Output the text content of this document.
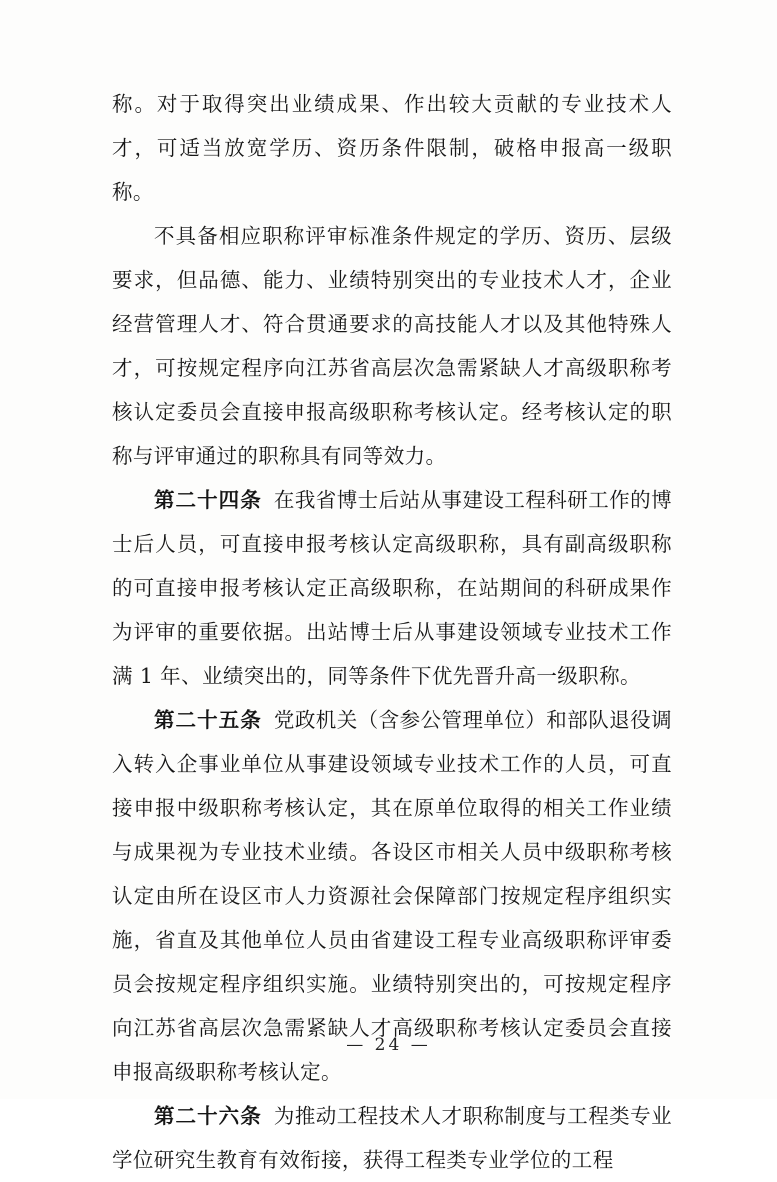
称。对于取得突出业绩成果、作出较大贡献的专业技术人才，可适当放宽学历、资历条件限制，破格申报高一级职称。

不具备相应职称评审标准条件规定的学历、资历、层级要求，但品德、能力、业绩特别突出的专业技术人才，企业经营管理人才、符合贯通要求的高技能人才以及其他特殊人才，可按规定程序向江苏省高层次急需紧缺人才高级职称考核认定委员会直接申报高级职称考核认定。经考核认定的职称与评审通过的职称具有同等效力。

第二十四条 在我省博士后站从事建设工程科研工作的博士后人员，可直接申报考核认定高级职称，具有副高级职称的可直接申报考核认定正高级职称，在站期间的科研成果作为评审的重要依据。出站博士后从事建设领域专业技术工作满 1 年、业绩突出的，同等条件下优先晋升高一级职称。

第二十五条 党政机关（含参公管理单位）和部队退役调入转入企事业单位从事建设领域专业技术工作的人员，可直接申报中级职称考核认定，其在原单位取得的相关工作业绩与成果视为专业技术业绩。各设区市相关人员中级职称考核认定由所在设区市人力资源社会保障部门按规定程序组织实施，省直及其他单位人员由省建设工程专业高级职称评审委员会按规定程序组织实施。业绩特别突出的，可按规定程序向江苏省高层次急需紧缺人才高级职称考核认定委员会直接申报高级职称考核认定。

第二十六条 为推动工程技术人才职称制度与工程类专业学位研究生教育有效衔接，获得工程类专业学位的工程

— 24 —
